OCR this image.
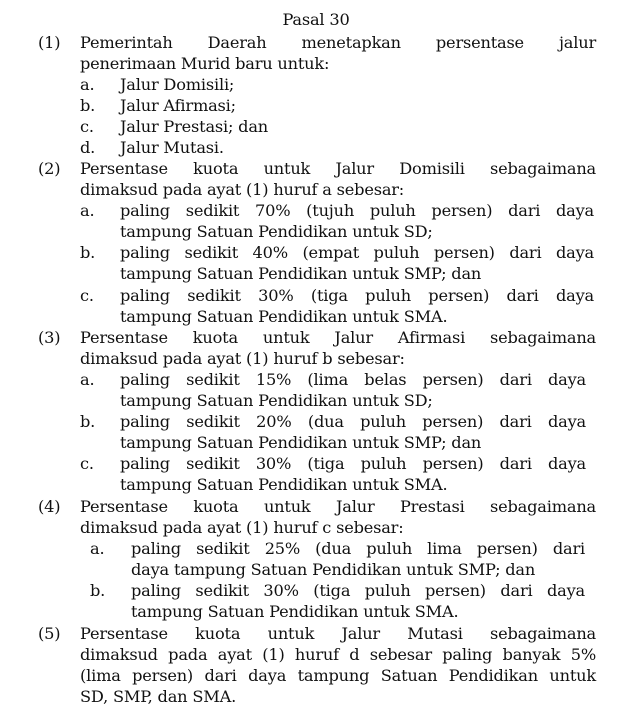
Pasal 30
(1) Pemerintah Daerah menetapkan persentase jalur
penerimaan Murid baru untuk:
a. Jalur Domisili;
b. Jalur Afirmasi;
c. Jalur Prestasi; dan
d. Jalur Mutasi.
(2) Persentase kuota untuk Jalur Domisili sebagaimana
dimaksud pada ayat (1) huruf a sebesar:
a. paling sedikit 70% (tujuh puluh persen) dari daya
tampung Satuan Pendidikan untuk SD;
b. paling sedikit 40% (empat puluh persen) dari daya
tampung Satuan Pendidikan untuk SMP; dan
c. paling sedikit 30% (tiga puluh persen) dari daya
tampung Satuan Pendidikan untuk SMA.
(3) Persentase kuota untuk Jalur Afirmasi sebagaimana
dimaksud pada ayat (1) huruf b sebesar:
a. paling sedikit 15% (lima belas persen) dari daya
tampung Satuan Pendidikan untuk SD;
b. paling sedikit 20% (dua puluh persen) dari daya
tampung Satuan Pendidikan untuk SMP; dan
c. paling sedikit 30% (tiga puluh persen) dari daya
tampung Satuan Pendidikan untuk SMA.
(4) Persentase kuota untuk Jalur Prestasi sebagaimana
dimaksud pada ayat (1) huruf c sebesar:
a. paling sedikit 25% (dua puluh lima persen) dari
daya tampung Satuan Pendidikan untuk SMP; dan
b. paling sedikit 30% (tiga puluh persen) dari daya
tampung Satuan Pendidikan untuk SMA.
(5) Persentase kuota untuk Jalur Mutasi sebagaimana
dimaksud pada ayat (1) huruf d sebesar paling banyak 5%
(lima persen) dari daya tampung Satuan Pendidikan untuk
SD, SMP, dan SMA.
